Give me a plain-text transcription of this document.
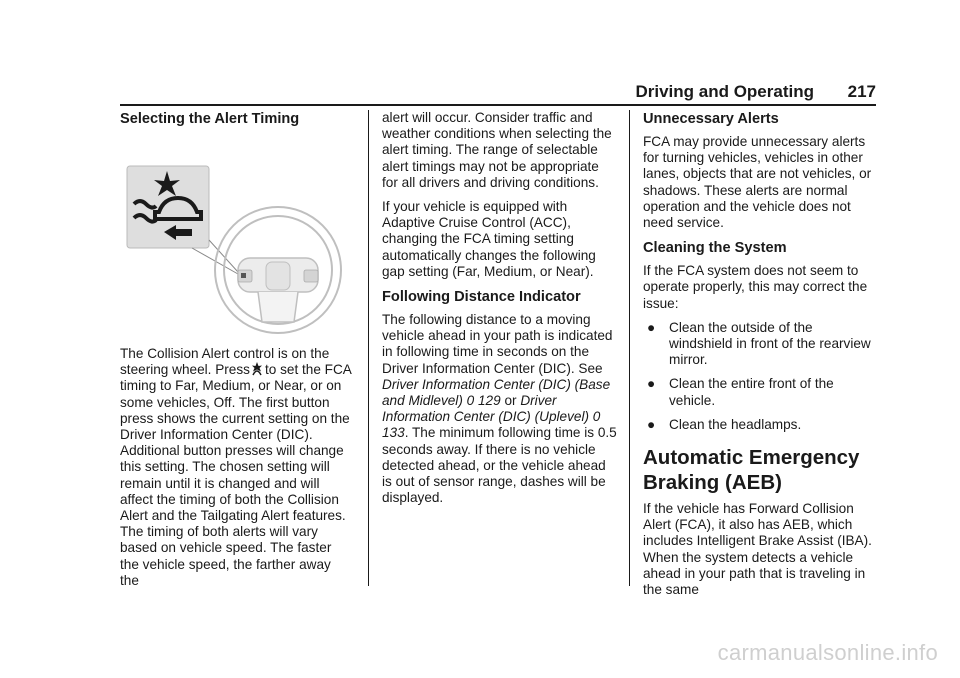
Driving and Operating 217
Selecting the Alert Timing

The Collision Alert control is on the steering wheel. Press to set the FCA timing to Far, Medium, or Near, or on some vehicles, Off. The first button press shows the current setting on the Driver Information Center (DIC). Additional button presses will change this setting. The chosen setting will remain until it is changed and will affect the timing of both the Collision Alert and the Tailgating Alert features. The timing of both alerts will vary based on vehicle speed. The faster the vehicle speed, the farther away the

alert will occur. Consider traffic and weather conditions when selecting the alert timing. The range of selectable alert timings may not be appropriate for all drivers and driving conditions.

If your vehicle is equipped with Adaptive Cruise Control (ACC), changing the FCA timing setting automatically changes the following gap setting (Far, Medium, or Near).

Following Distance Indicator

The following distance to a moving vehicle ahead in your path is indicated in following time in seconds on the Driver Information Center (DIC). See Driver Information Center (DIC) (Base and Midlevel) 0 129 or Driver Information Center (DIC) (Uplevel) 0 133. The minimum following time is 0.5 seconds away. If there is no vehicle detected ahead, or the vehicle ahead is out of sensor range, dashes will be displayed.

Unnecessary Alerts

FCA may provide unnecessary alerts for turning vehicles, vehicles in other lanes, objects that are not vehicles, or shadows. These alerts are normal operation and the vehicle does not need service.

Cleaning the System

If the FCA system does not seem to operate properly, this may correct the issue:

● Clean the outside of the windshield in front of the rearview mirror.
● Clean the entire front of the vehicle.
● Clean the headlamps.
Automatic Emergency Braking (AEB)

If the vehicle has Forward Collision Alert (FCA), it also has AEB, which includes Intelligent Brake Assist (IBA). When the system detects a vehicle ahead in your path that is traveling in the same

carmanualsonline.info
